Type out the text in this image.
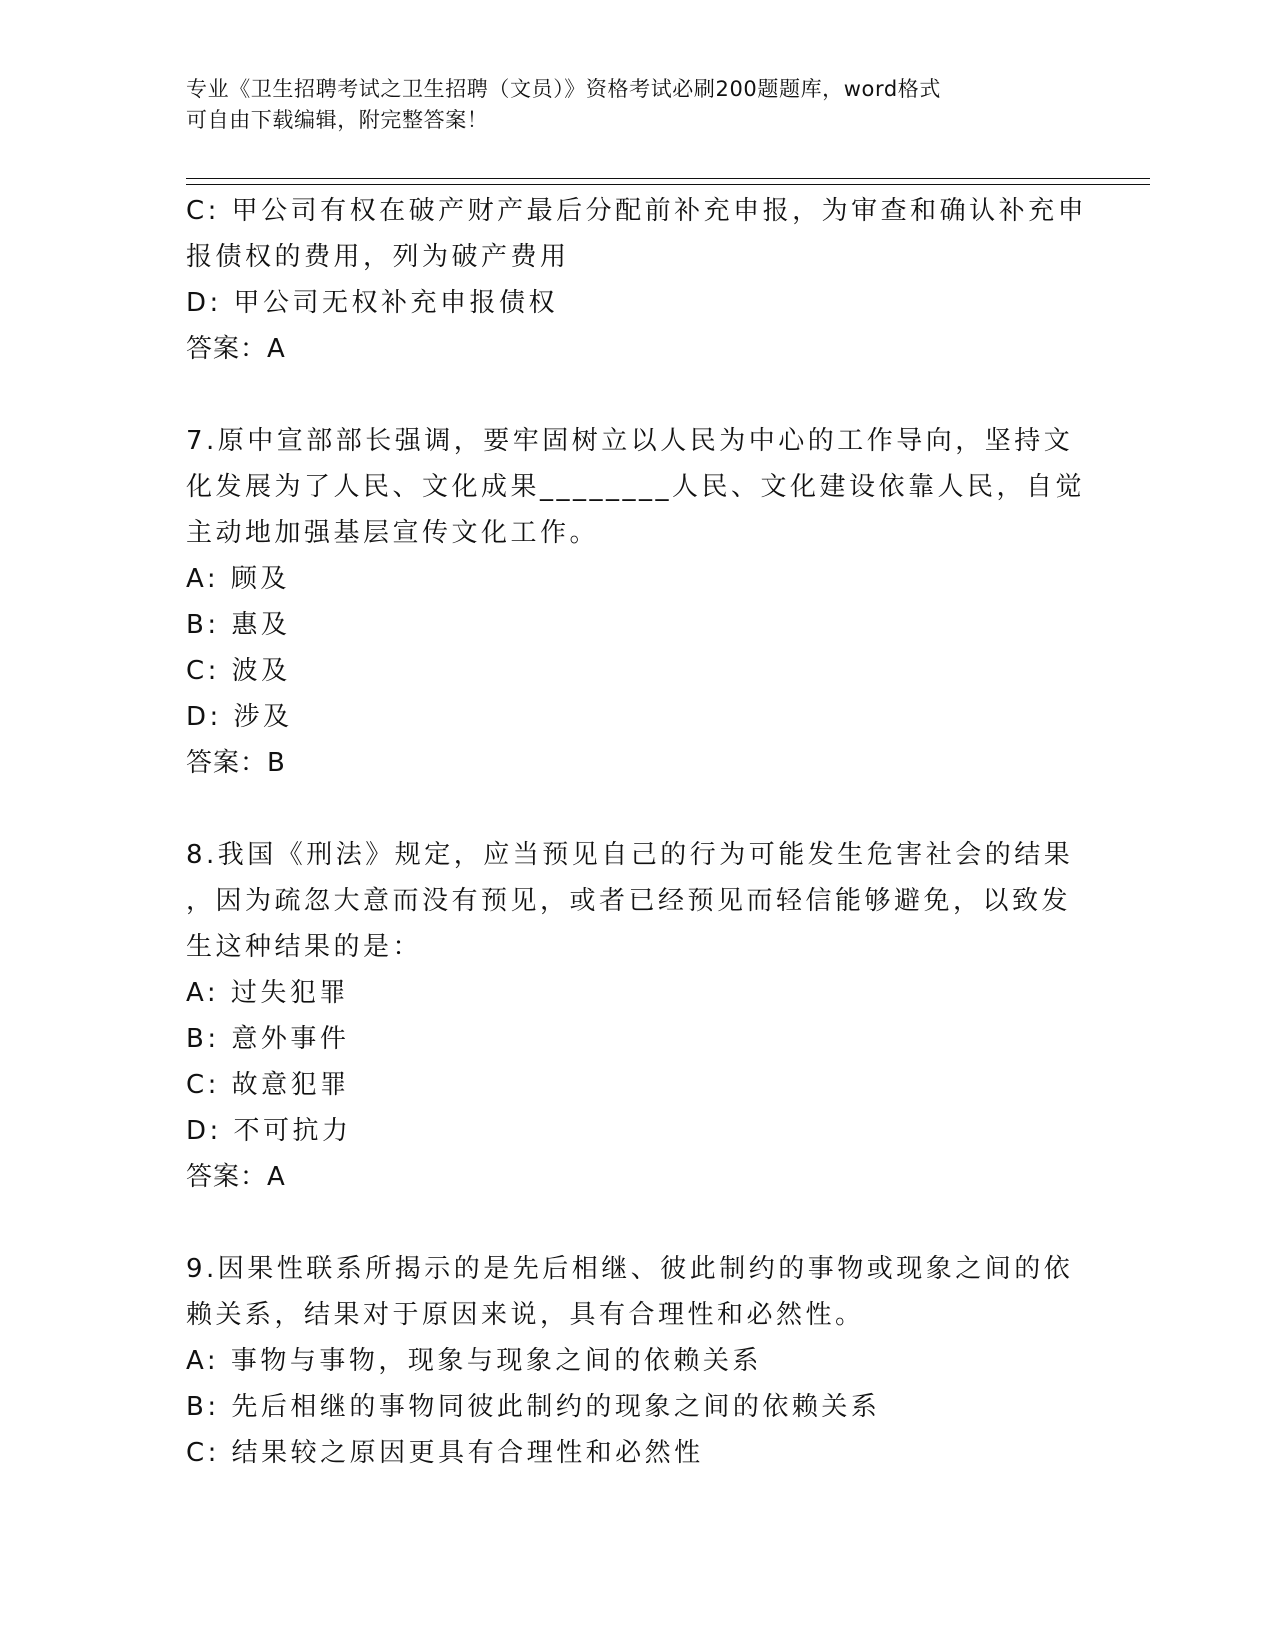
专业《卫生招聘考试之卫生招聘（文员）》资格考试必刷200题题库，word格式
可自由下载编辑，附完整答案！
C: 甲公司有权在破产财产最后分配前补充申报，为审查和确认补充申
报债权的费用，列为破产费用
D: 甲公司无权补充申报债权
答案：A
7.原中宣部部长强调，要牢固树立以人民为中心的工作导向，坚持文
化发展为了人民、文化成果________人民、文化建设依靠人民，自觉
主动地加强基层宣传文化工作。
A: 顾及
B: 惠及
C: 波及
D: 涉及
答案：B
8.我国《刑法》规定，应当预见自己的行为可能发生危害社会的结果
，因为疏忽大意而没有预见，或者已经预见而轻信能够避免，以致发
生这种结果的是：
A: 过失犯罪
B: 意外事件
C: 故意犯罪
D: 不可抗力
答案：A
9.因果性联系所揭示的是先后相继、彼此制约的事物或现象之间的依
赖关系，结果对于原因来说，具有合理性和必然性。
A: 事物与事物，现象与现象之间的依赖关系
B: 先后相继的事物同彼此制约的现象之间的依赖关系
C: 结果较之原因更具有合理性和必然性
